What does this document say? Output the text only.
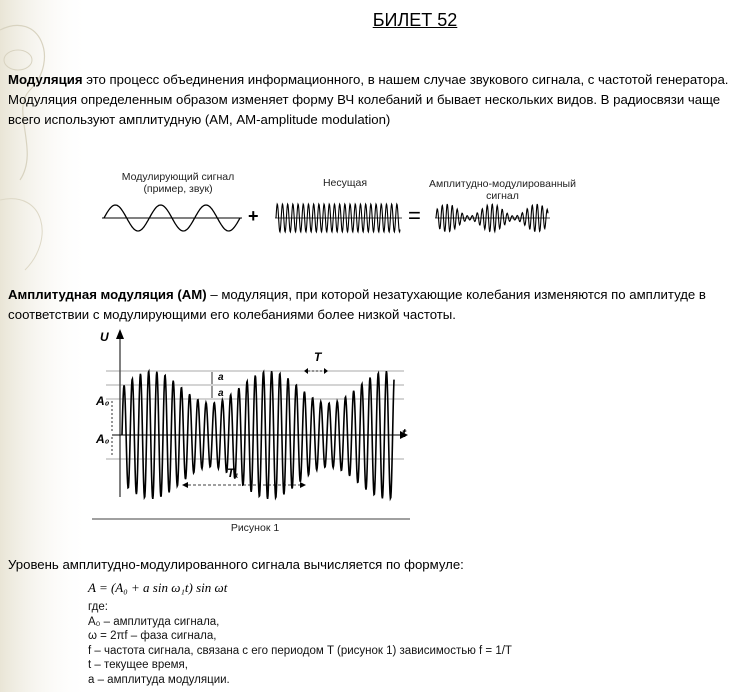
БИЛЕТ 52

Модуляция это процесс объединения информационного, в нашем случае звукового сигнала, с частотой генератора. Модуляция определенным образом изменяет форму ВЧ колебаний и бывает нескольких видов. В радиосвязи чаще всего используют амплитудную (АМ, AM-amplitude modulation)

Модулирующий сигнал (пример, звук)	Несущая	Амплитудно-модулированный сигнал
+	=

Амплитудная модуляция (АМ) – модуляция, при которой незатухающие колебания изменяются по амплитуде в соответствии с модулирующими его колебаниями более низкой частоты.

U
t
T
T₁
a
a
A₀
A₀
Рисунок 1

Уровень амплитудно-модулированного сигнала вычисляется по формуле:

A = (A₀ + a sin ω₁t) sin ωt
где:
A₀ – амплитуда сигнала,
ω = 2πf – фаза сигнала,
f – частота сигнала, связана с его периодом T (рисунок 1) зависимостью f = 1/T
t – текущее время,
a – амплитуда модуляции.
